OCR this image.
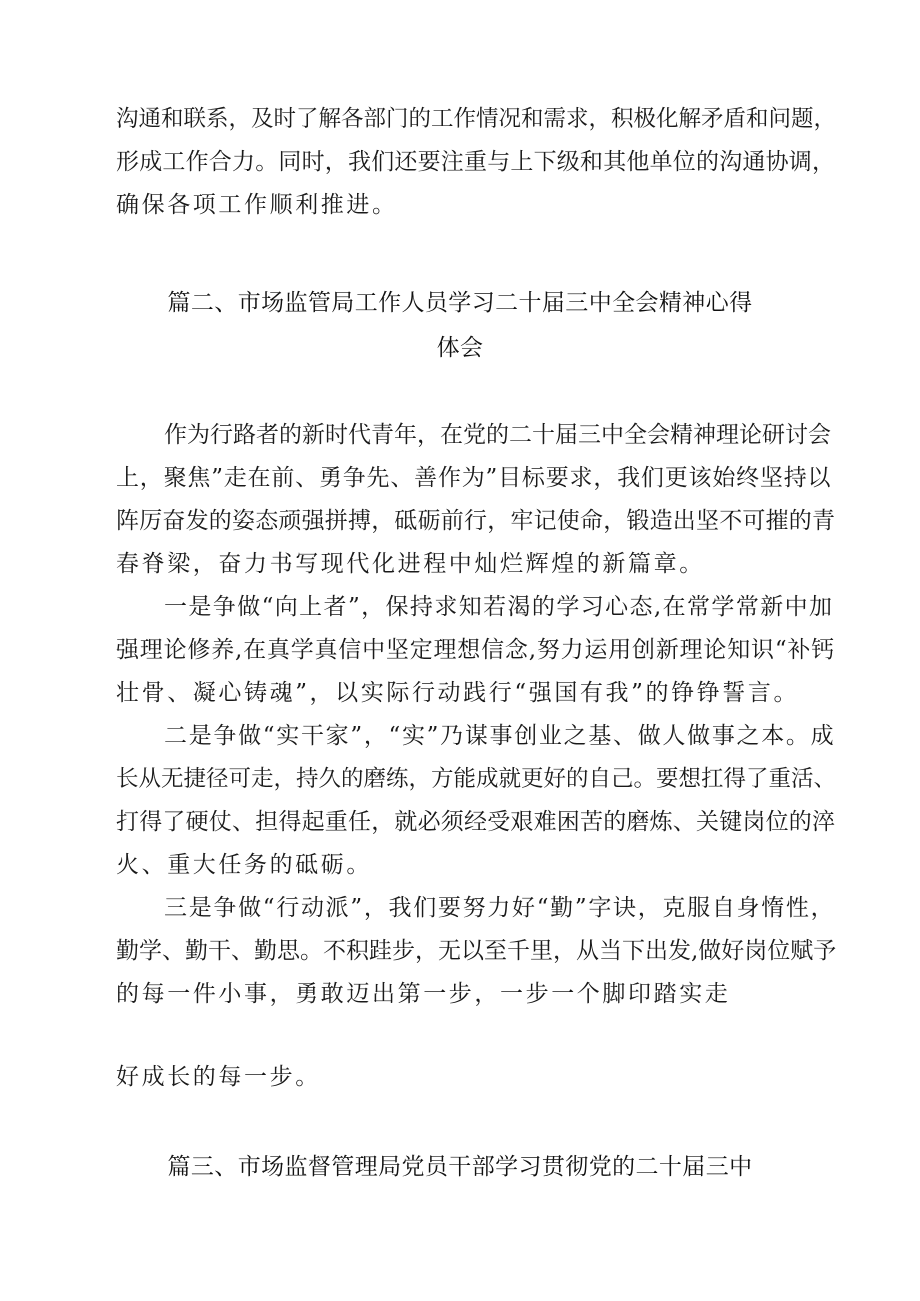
沟通和联系，及时了解各部门的工作情况和需求，积极化解矛盾和问题，
形成工作合力。同时，我们还要注重与上下级和其他单位的沟通协调，
确保各项工作顺利推进。
篇二、市场监管局工作人员学习二十届三中全会精神心得
体会
作为行路者的新时代青年，在党的二十届三中全会精神理论研讨会
上，聚焦”走在前、勇争先、善作为”目标要求，我们更该始终坚持以
阵厉奋发的姿态顽强拼搏，砥砺前行，牢记使命，锻造出坚不可摧的青
春脊梁，奋力书写现代化进程中灿烂辉煌的新篇章。
一是争做“向上者”，保持求知若渴的学习心态,在常学常新中加
强理论修养,在真学真信中坚定理想信念,努力运用创新理论知识“补钙
壮骨、凝心铸魂”，以实际行动践行“强国有我”的铮铮誓言。
二是争做“实干家”，“实”乃谋事创业之基、做人做事之本。成
长从无捷径可走，持久的磨练，方能成就更好的自己。要想扛得了重活、
打得了硬仗、担得起重任，就必须经受艰难困苦的磨炼、关键岗位的淬
火、重大任务的砥砺。
三是争做“行动派”，我们要努力好“勤”字诀，克服自身惰性，
勤学、勤干、勤思。不积跬步，无以至千里，从当下出发,做好岗位赋予
的每一件小事，勇敢迈出第一步，一步一个脚印踏实走
好成长的每一步。
篇三、市场监督管理局党员干部学习贯彻党的二十届三中
